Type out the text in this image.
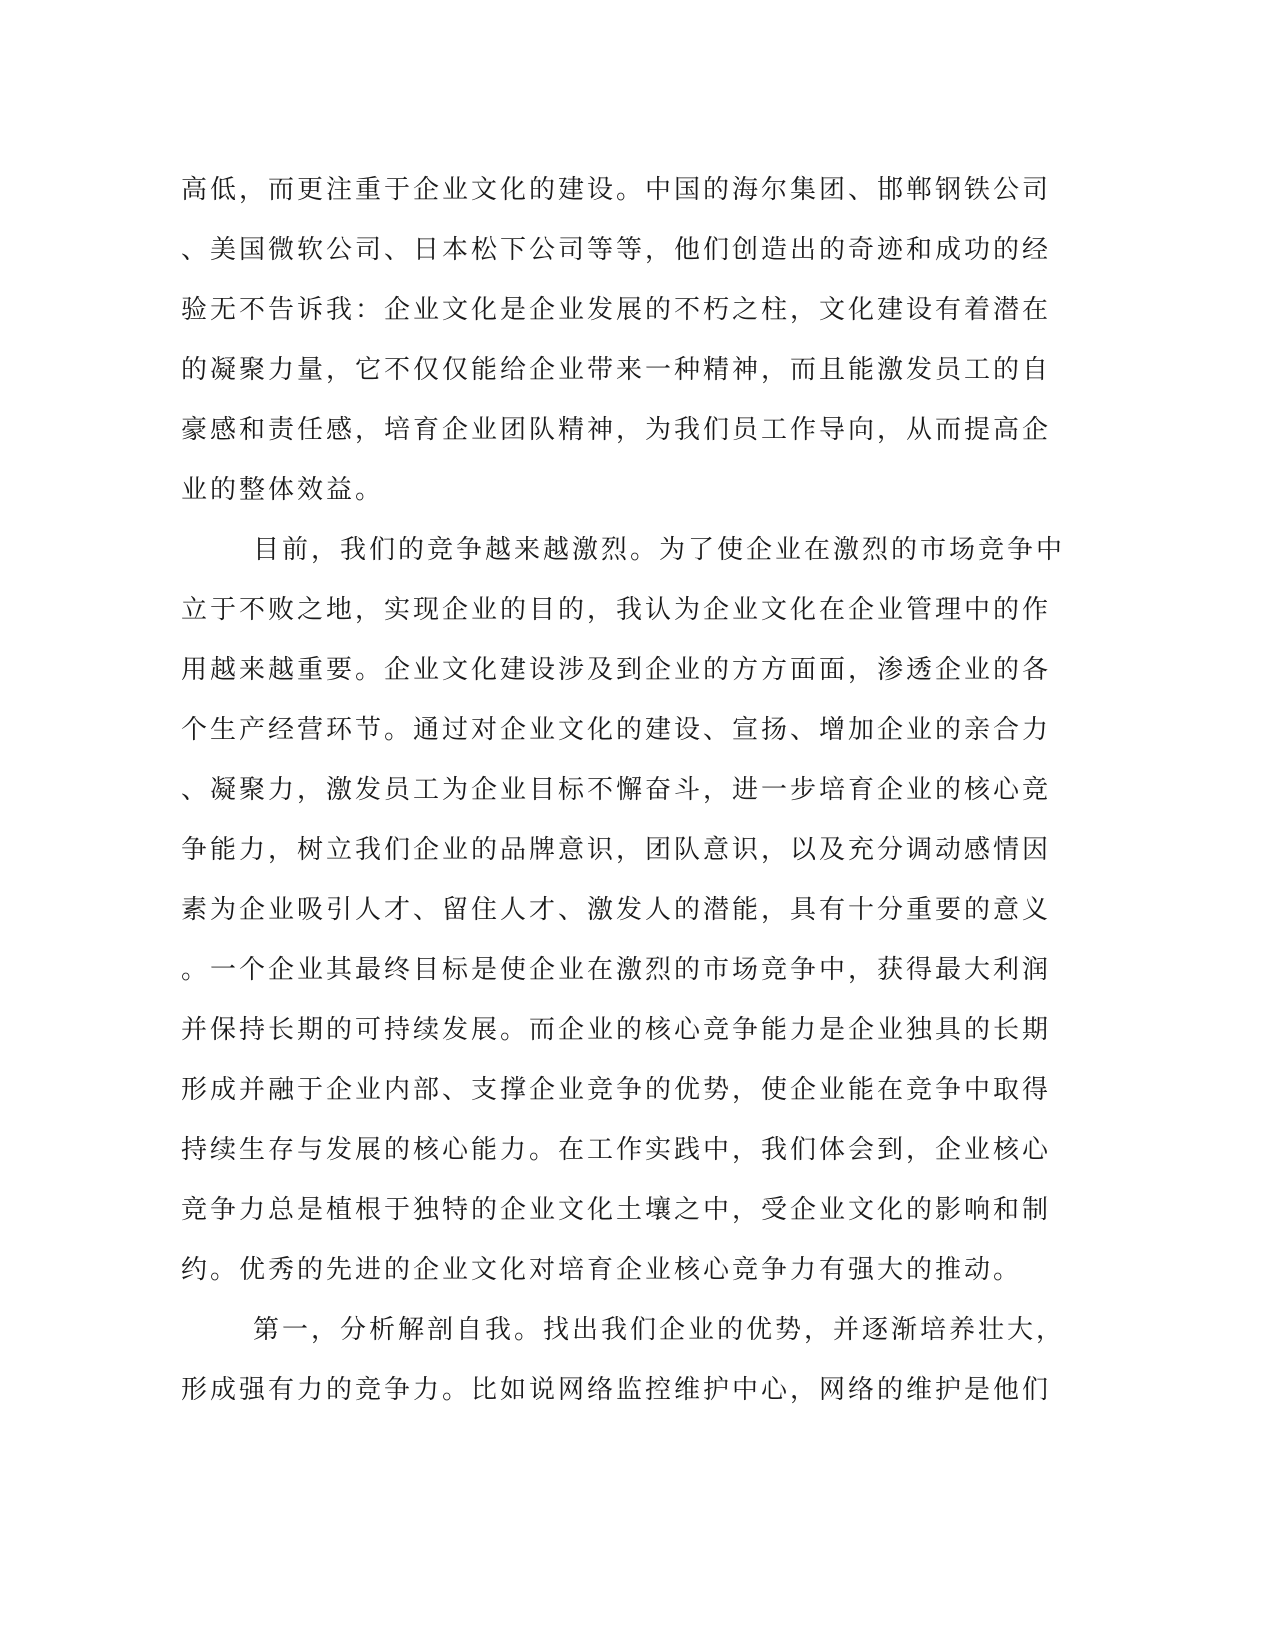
高低，而更注重于企业文化的建设。中国的海尔集团、邯郸钢铁公司
、美国微软公司、日本松下公司等等，他们创造出的奇迹和成功的经
验无不告诉我：企业文化是企业发展的不朽之柱，文化建设有着潜在
的凝聚力量，它不仅仅能给企业带来一种精神，而且能激发员工的自
豪感和责任感，培育企业团队精神，为我们员工作导向，从而提高企
业的整体效益。
目前，我们的竞争越来越激烈。为了使企业在激烈的市场竞争中
立于不败之地，实现企业的目的，我认为企业文化在企业管理中的作
用越来越重要。企业文化建设涉及到企业的方方面面，渗透企业的各
个生产经营环节。通过对企业文化的建设、宣扬、增加企业的亲合力
、凝聚力，激发员工为企业目标不懈奋斗，进一步培育企业的核心竞
争能力，树立我们企业的品牌意识，团队意识，以及充分调动感情因
素为企业吸引人才、留住人才、激发人的潜能，具有十分重要的意义
。一个企业其最终目标是使企业在激烈的市场竞争中，获得最大利润
并保持长期的可持续发展。而企业的核心竞争能力是企业独具的长期
形成并融于企业内部、支撑企业竞争的优势，使企业能在竞争中取得
持续生存与发展的核心能力。在工作实践中，我们体会到，企业核心
竞争力总是植根于独特的企业文化土壤之中，受企业文化的影响和制
约。优秀的先进的企业文化对培育企业核心竞争力有强大的推动。
第一，分析解剖自我。找出我们企业的优势，并逐渐培养壮大，
形成强有力的竞争力。比如说网络监控维护中心，网络的维护是他们
